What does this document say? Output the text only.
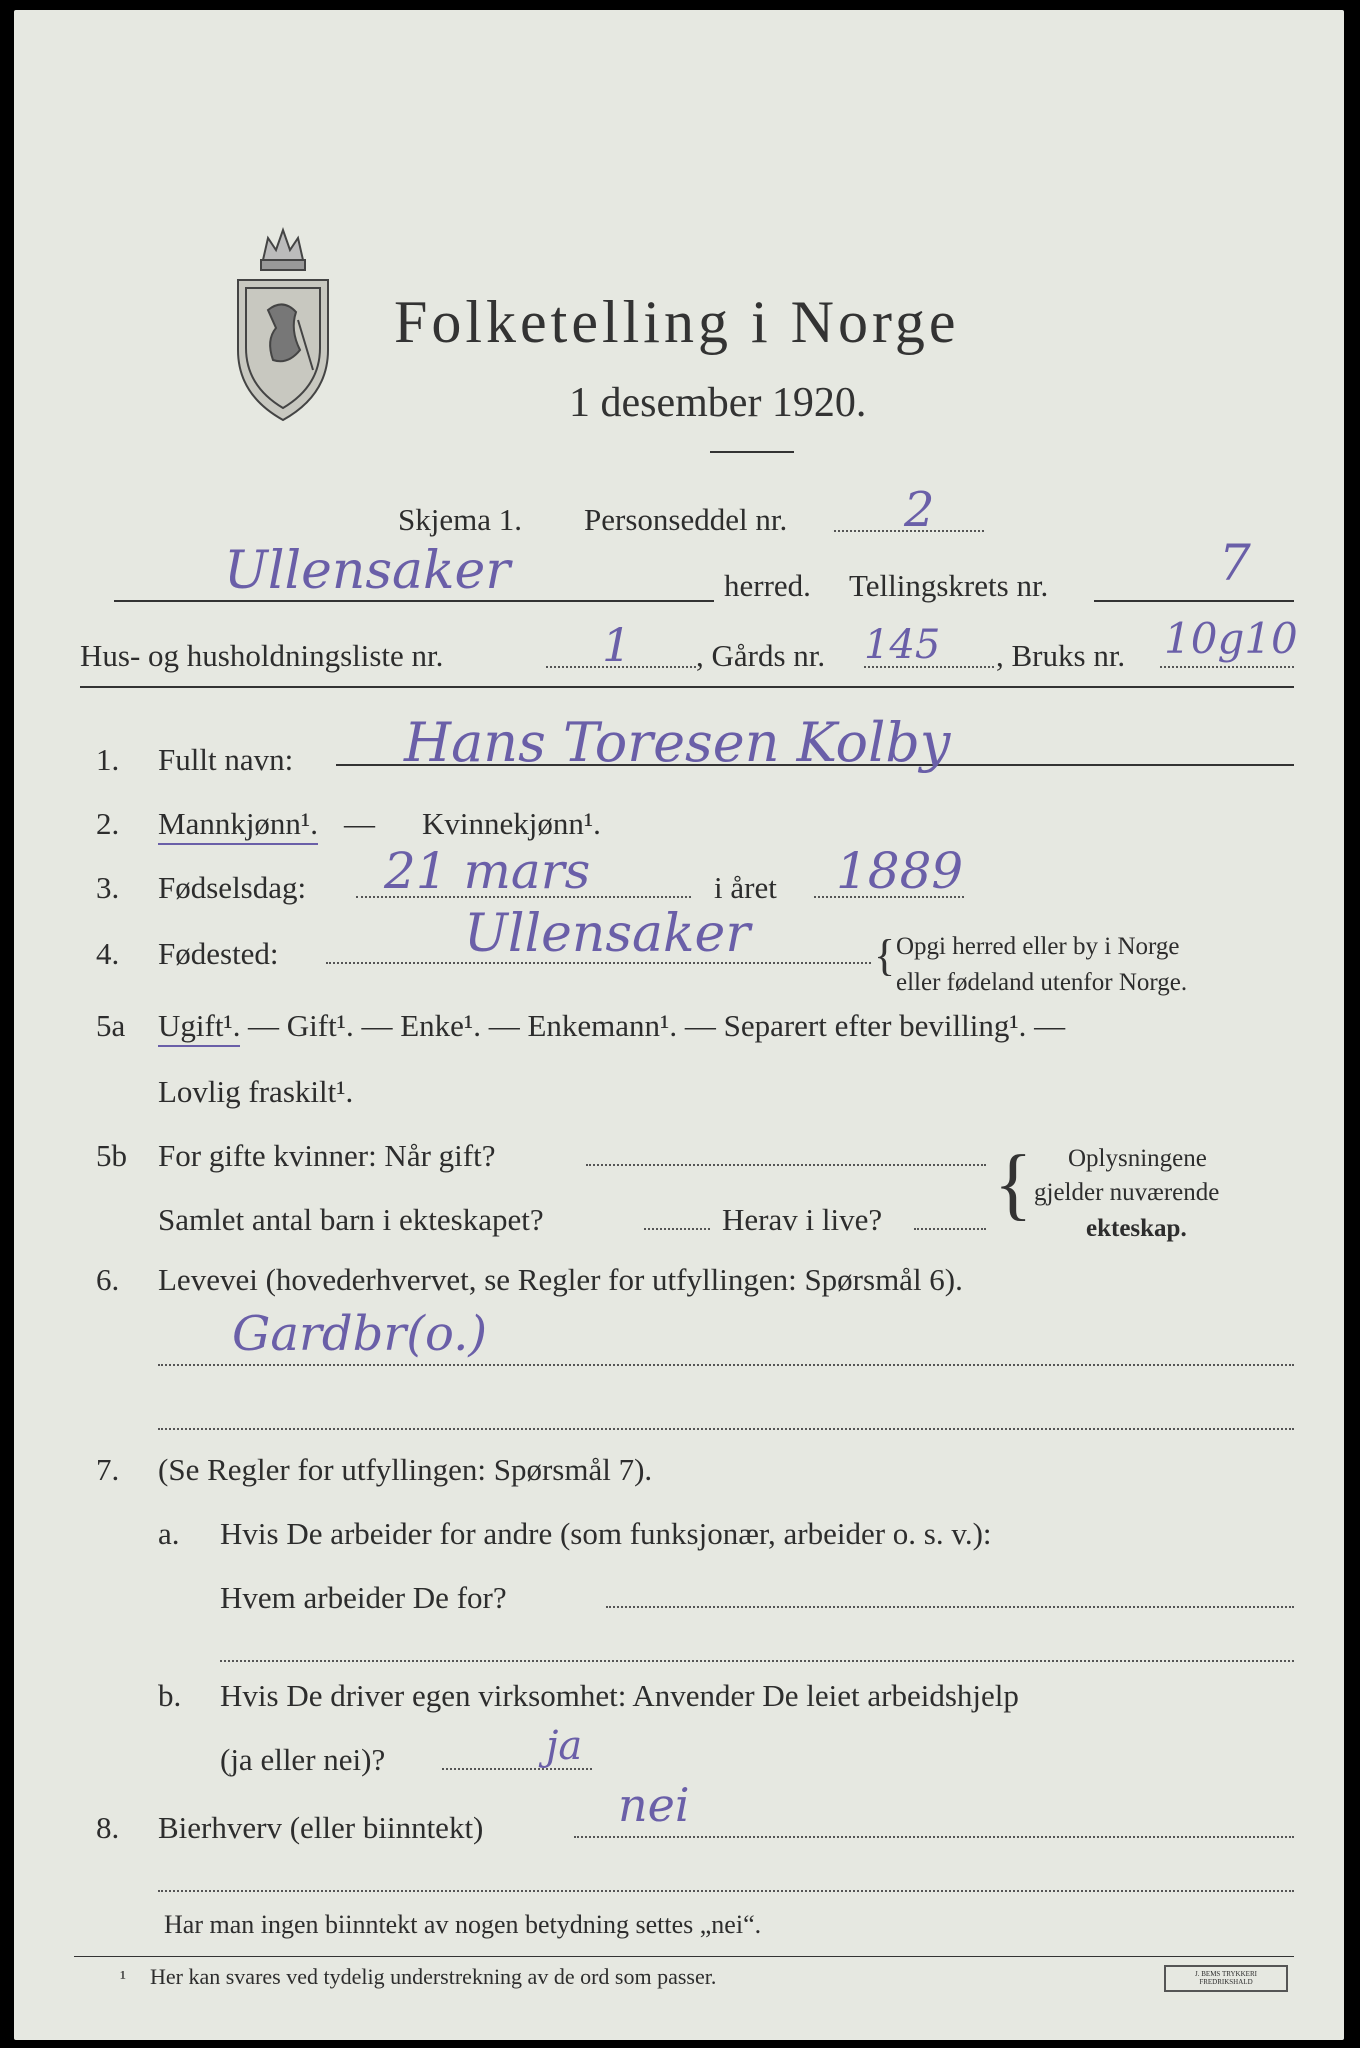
Folketelling i Norge
1 desember 1920.
Skjema 1. Personseddel nr. 2
Ullensaker	herred. Tellingskrets nr.	7
Hus- og husholdningsliste nr.	1 , Gårds nr. 145 , Bruks nr. 10g10
1. Fullt navn: Hans Toresen Kolby
2. Mannkjønn¹. — Kvinnekjønn¹.
3. Fødselsdag: 21 mars	i året 1889
4. Fødested:	Ullensaker	{ Opgi herred eller by i Norge
eller fødeland utenfor Norge.
5a Ugift¹. — Gift¹. — Enke¹. — Enkemann¹. — Separert efter bevilling¹. —
Lovlig fraskilt¹.
5b For gifte kvinner: Når gift?
Samlet antal barn i ekteskapet?	Herav i live? { Oplysningene
gjelder nuværende
ekteskap.
6. Levevei (hovederhvervet, se Regler for utfyllingen: Spørsmål 6).
Gardbr(o.)
7. (Se Regler for utfyllingen: Spørsmål 7).
a. Hvis De arbeider for andre (som funksjonær, arbeider o. s. v.):
Hvem arbeider De for?
b. Hvis De driver egen virksomhet: Anvender De leiet arbeidshjelp
(ja eller nei)?	ja
8. Bierhverv (eller biinntekt)	nei
Har man ingen biinntekt av nogen betydning settes „nei“.
¹ Her kan svares ved tydelig understrekning av de ord som passer.	J. BEMS TRYKKERI FREDRIKSHALD
